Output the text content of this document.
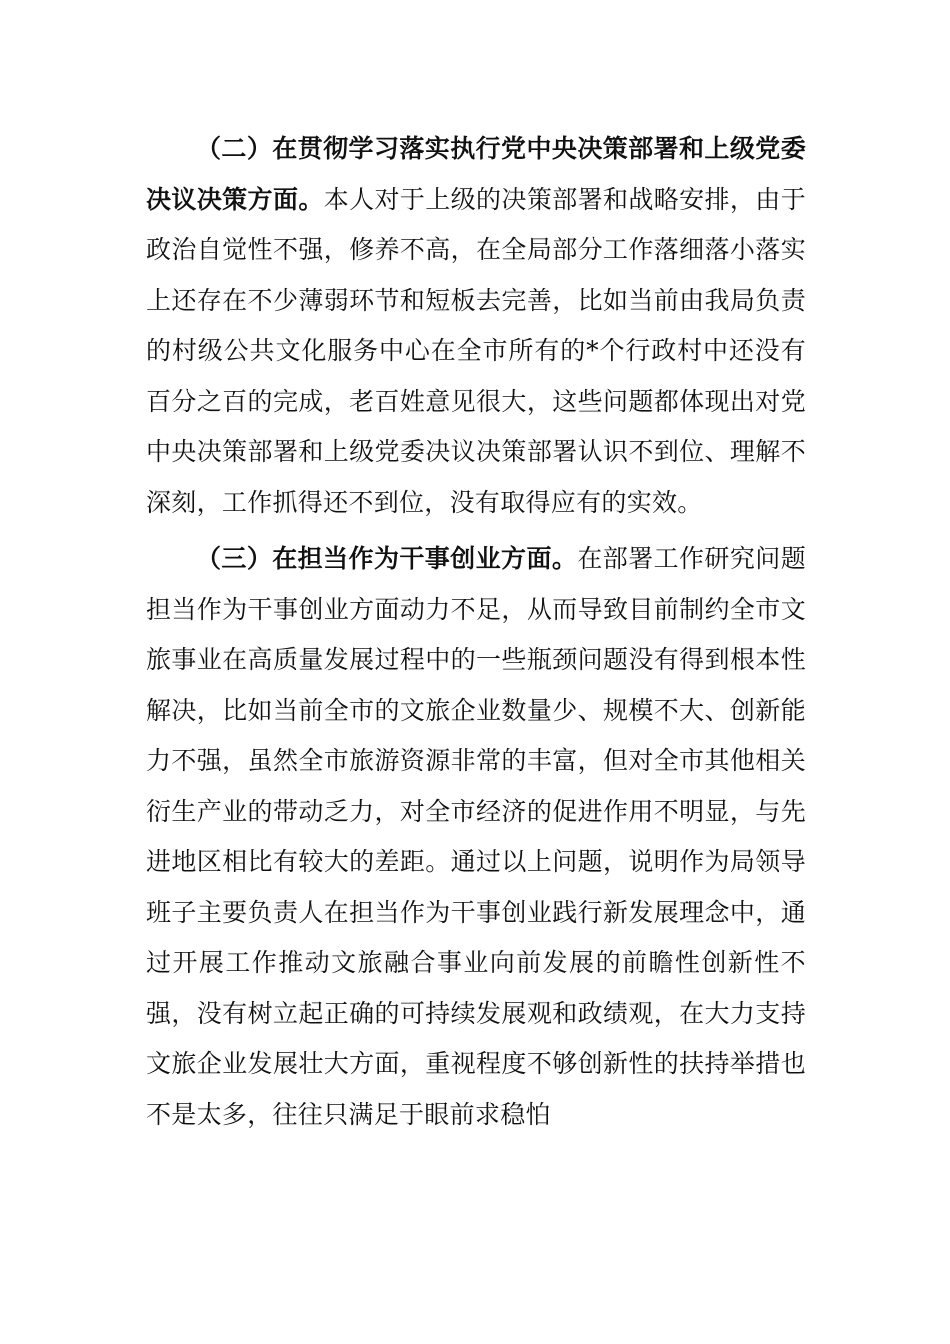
（二）在贯彻学习落实执行党中央决策部署和上级党委决议决策方面。本人对于上级的决策部署和战略安排，由于政治自觉性不强，修养不高，在全局部分工作落细落小落实上还存在不少薄弱环节和短板去完善，比如当前由我局负责的村级公共文化服务中心在全市所有的*个行政村中还没有百分之百的完成，老百姓意见很大，这些问题都体现出对党中央决策部署和上级党委决议决策部署认识不到位、理解不深刻，工作抓得还不到位，没有取得应有的实效。

（三）在担当作为干事创业方面。在部署工作研究问题担当作为干事创业方面动力不足，从而导致目前制约全市文旅事业在高质量发展过程中的一些瓶颈问题没有得到根本性解决，比如当前全市的文旅企业数量少、规模不大、创新能力不强，虽然全市旅游资源非常的丰富，但对全市其他相关衍生产业的带动乏力，对全市经济的促进作用不明显，与先进地区相比有较大的差距。通过以上问题，说明作为局领导班子主要负责人在担当作为干事创业践行新发展理念中，通过开展工作推动文旅融合事业向前发展的前瞻性创新性不强，没有树立起正确的可持续发展观和政绩观，在大力支持文旅企业发展壮大方面，重视程度不够创新性的扶持举措也不是太多，往往只满足于眼前求稳怕
